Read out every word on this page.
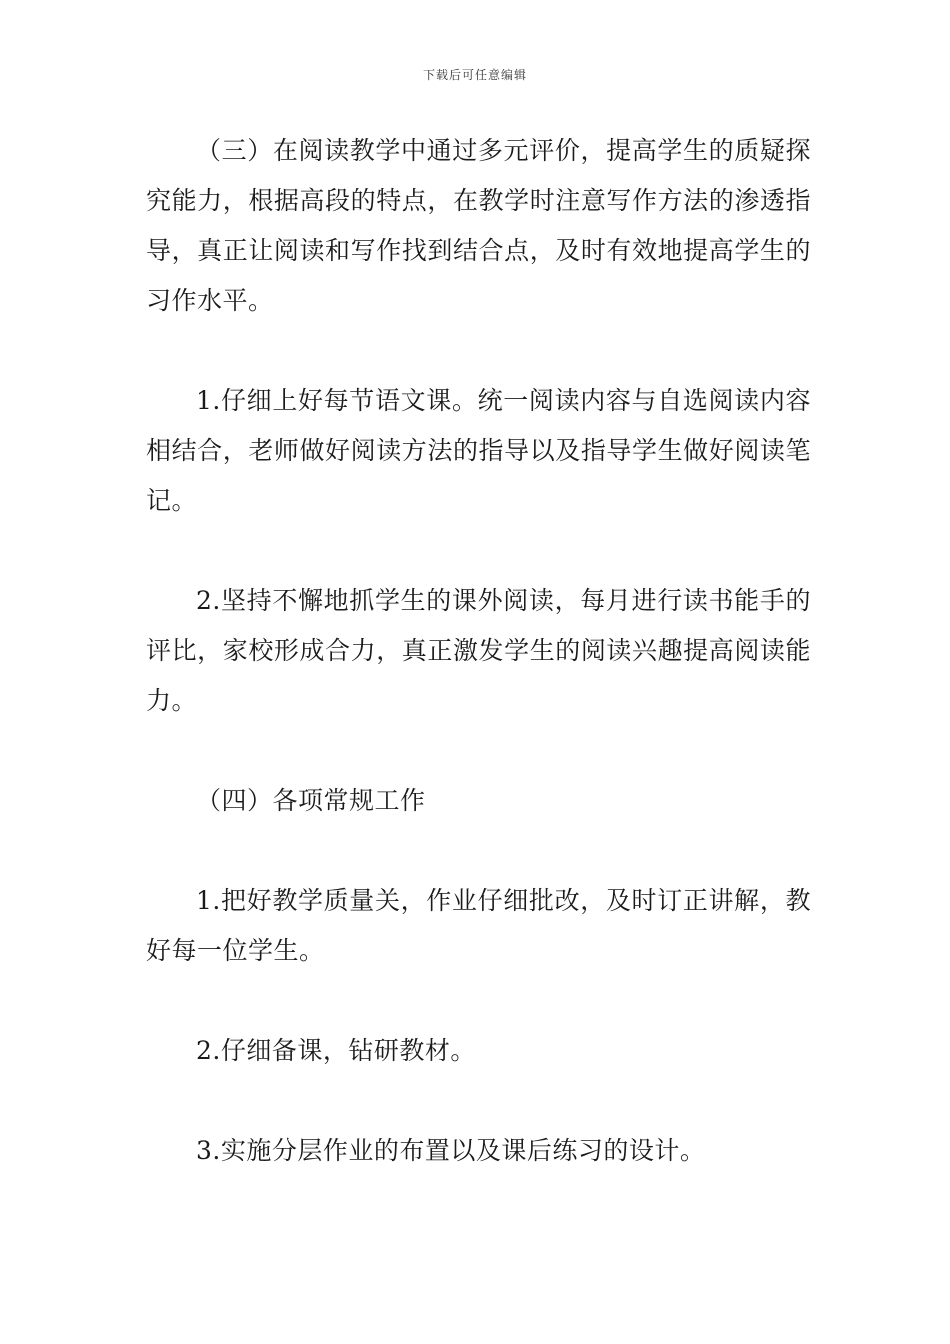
下载后可任意编辑

（三）在阅读教学中通过多元评价，提高学生的质疑探究能力，根据高段的特点，在教学时注意写作方法的渗透指导，真正让阅读和写作找到结合点，及时有效地提高学生的习作水平。

1.仔细上好每节语文课。统一阅读内容与自选阅读内容相结合，老师做好阅读方法的指导以及指导学生做好阅读笔记。

2.坚持不懈地抓学生的课外阅读，每月进行读书能手的评比，家校形成合力，真正激发学生的阅读兴趣提高阅读能力。

（四）各项常规工作

1.把好教学质量关，作业仔细批改，及时订正讲解，教好每一位学生。

2.仔细备课，钻研教材。

3.实施分层作业的布置以及课后练习的设计。
